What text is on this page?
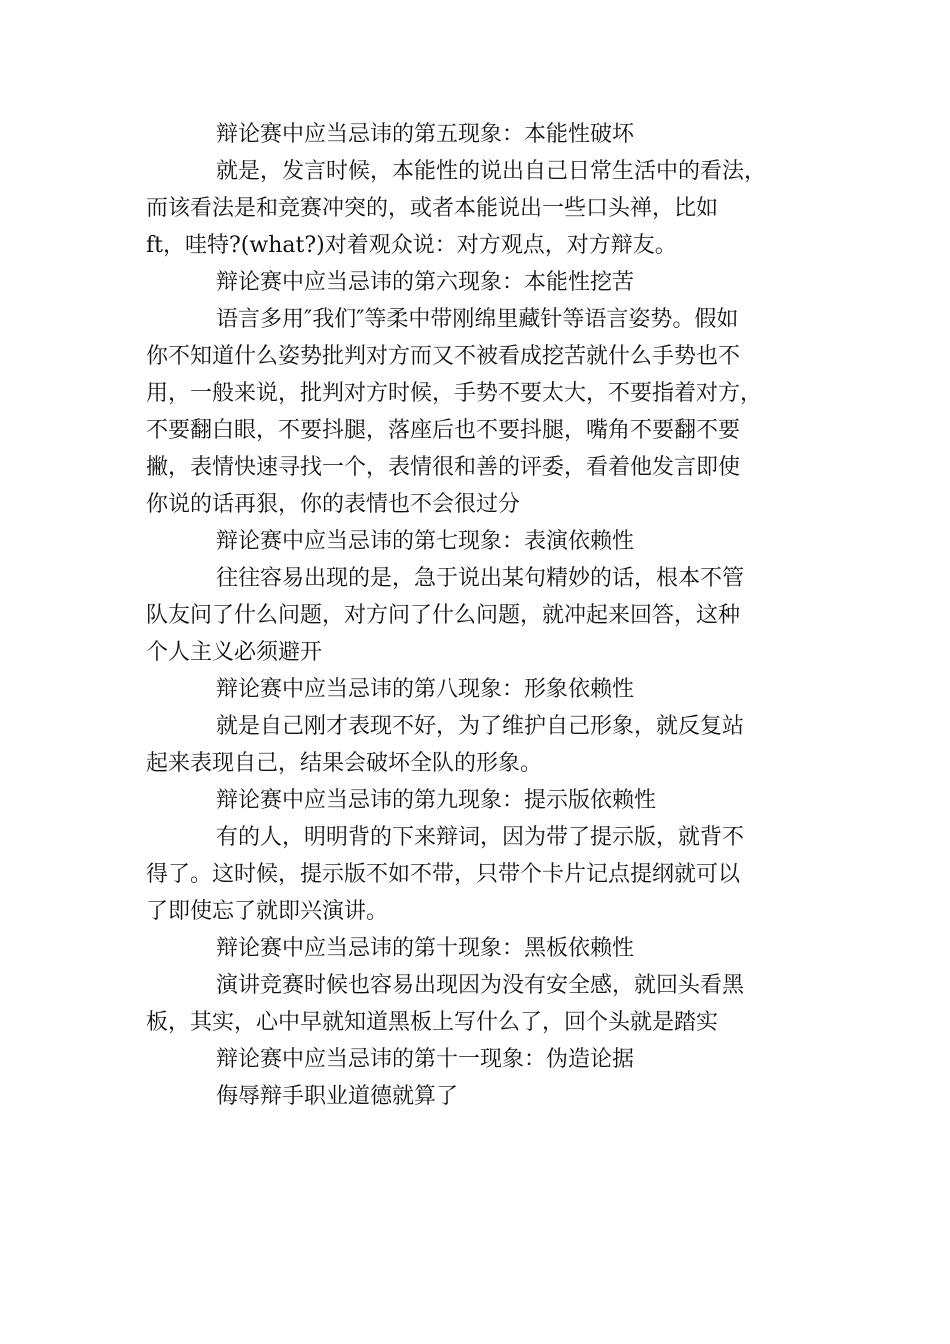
辩论赛中应当忌讳的第五现象：本能性破坏
就是，发言时候，本能性的说出自己日常生活中的看法，
而该看法是和竞赛冲突的，或者本能说出一些口头禅，比如
ft，哇特?(what?)对着观众说：对方观点，对方辩友。
辩论赛中应当忌讳的第六现象：本能性挖苦
语言多用″我们″等柔中带刚绵里藏针等语言姿势。假如
你不知道什么姿势批判对方而又不被看成挖苦就什么手势也不
用，一般来说，批判对方时候，手势不要太大，不要指着对方，
不要翻白眼，不要抖腿，落座后也不要抖腿，嘴角不要翻不要
撇，表情快速寻找一个，表情很和善的评委，看着他发言即使
你说的话再狠，你的表情也不会很过分
辩论赛中应当忌讳的第七现象：表演依赖性
往往容易出现的是，急于说出某句精妙的话，根本不管
队友问了什么问题，对方问了什么问题，就冲起来回答，这种
个人主义必须避开
辩论赛中应当忌讳的第八现象：形象依赖性
就是自己刚才表现不好，为了维护自己形象，就反复站
起来表现自己，结果会破坏全队的形象。
辩论赛中应当忌讳的第九现象：提示版依赖性
有的人，明明背的下来辩词，因为带了提示版，就背不
得了。这时候，提示版不如不带，只带个卡片记点提纲就可以
了即使忘了就即兴演讲。
辩论赛中应当忌讳的第十现象：黑板依赖性
演讲竞赛时候也容易出现因为没有安全感，就回头看黑
板，其实，心中早就知道黑板上写什么了，回个头就是踏实
辩论赛中应当忌讳的第十一现象：伪造论据
侮辱辩手职业道德就算了
